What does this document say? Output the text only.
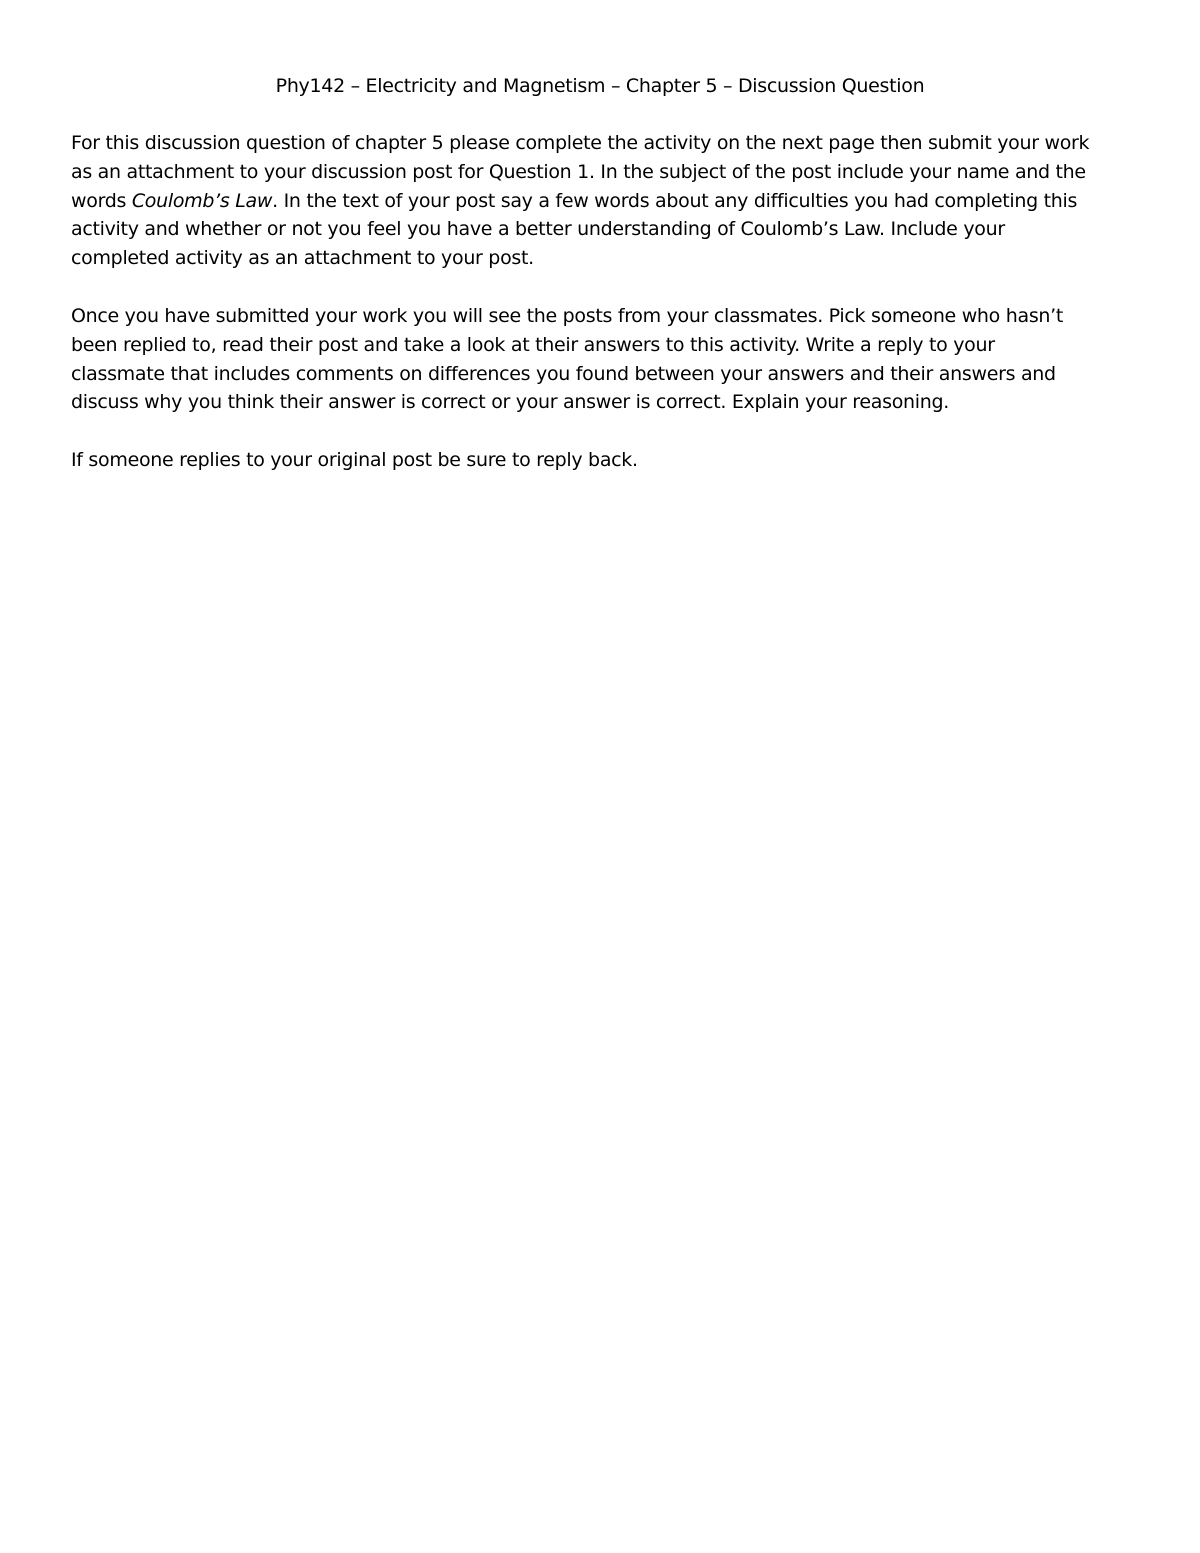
Phy142 – Electricity and Magnetism – Chapter 5 – Discussion Question

For this discussion question of chapter 5 please complete the activity on the next page then submit your work
as an attachment to your discussion post for Question 1. In the subject of the post include your name and the
words Coulomb’s Law. In the text of your post say a few words about any difficulties you had completing this
activity and whether or not you feel you have a better understanding of Coulomb’s Law. Include your
completed activity as an attachment to your post.

Once you have submitted your work you will see the posts from your classmates. Pick someone who hasn’t
been replied to, read their post and take a look at their answers to this activity. Write a reply to your
classmate that includes comments on differences you found between your answers and their answers and
discuss why you think their answer is correct or your answer is correct. Explain your reasoning.

If someone replies to your original post be sure to reply back.
